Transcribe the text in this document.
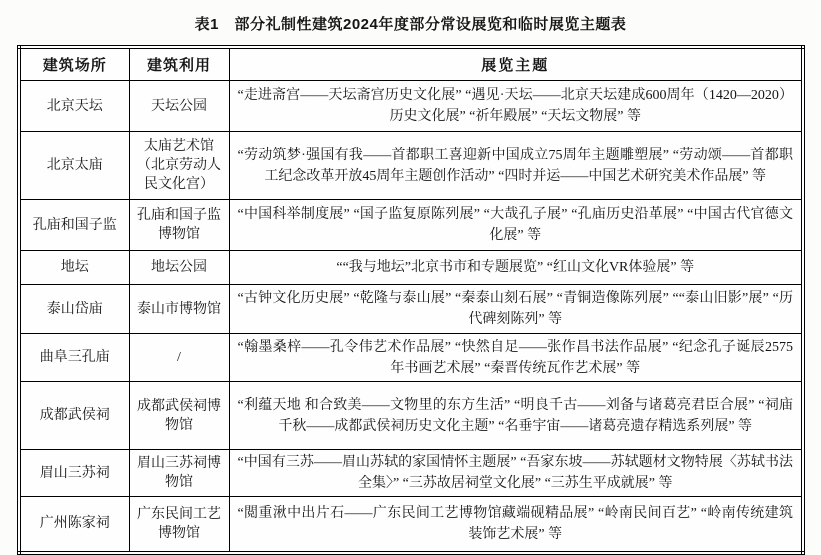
表1　部分礼制性建筑2024年度部分常设展览和临时展览主题表
建筑场所	建筑利用	展览主题
北京天坛	天坛公园	“走进斋宫——天坛斋宫历史文化展” “遇见·天坛——北京天坛建成600周年（1420—2020）历史文化展” “祈年殿展” “天坛文物展” 等
北京太庙	太庙艺术馆（北京劳动人民文化宫）	“劳动筑梦·强国有我——首都职工喜迎新中国成立75周年主题雕塑展” “劳动颂——首都职工纪念改革开放45周年主题创作活动” “四时并运——中国艺术研究美术作品展” 等
孔庙和国子监	孔庙和国子监博物馆	“中国科举制度展” “国子监复原陈列展” “大哉孔子展” “孔庙历史沿革展” “中国古代官德文化展” 等
地坛	地坛公园	““我与地坛”北京书市和专题展览” “红山文化VR体验展” 等
泰山岱庙	泰山市博物馆	“古钟文化历史展” “乾隆与泰山展” “秦泰山刻石展” “青铜造像陈列展” ““泰山旧影”展” “历代碑刻陈列” 等
曲阜三孔庙	/	“翰墨桑梓——孔令伟艺术作品展” “快然自足——张作昌书法作品展” “纪念孔子诞辰2575年书画艺术展” “秦晋传统瓦作艺术展” 等
成都武侯祠	成都武侯祠博物馆	“利蕴天地 和合致美——文物里的东方生活” “明良千古——刘备与诸葛亮君臣合展” “祠庙千秋——成都武侯祠历史文化主题” “名垂宇宙——诸葛亮遗存精选系列展” 等
眉山三苏祠	眉山三苏祠博物馆	“中国有三苏——眉山苏轼的家国情怀主题展” “吾家东坡——苏轼题材文物特展〈苏轼书法全集〉” “三苏故居祠堂文化展” “三苏生平成就展” 等
广州陈家祠	广东民间工艺博物馆	“閲重湫中出片石——广东民间工艺博物馆藏端砚精品展” “岭南民间百艺” “岭南传统建筑装饰艺术展” 等
